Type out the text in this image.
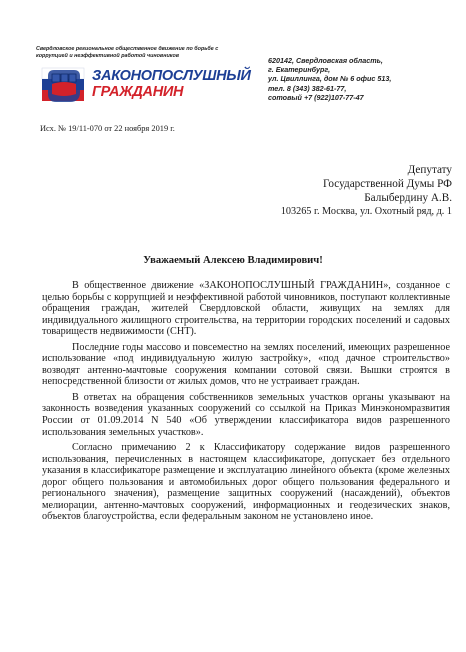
Свердловское региональное общественное движение по борьбе с коррупцией и неэффективной работой чиновников
ЗАКОНОПОСЛУШНЫЙ
ГРАЖДАНИН
620142, Свердловская область,
г. Екатеринбург,
ул. Цвиллинга, дом № 6 офис 513,
тел. 8 (343) 382-61-77,
сотовый +7 (922)107-77-47
Исх. № 19/11-070 от 22 ноября 2019 г.
Депутату
Государственной Думы РФ
Балыбердину А.В.
103265 г. Москва, ул. Охотный ряд, д. 1
Уважаемый Алексею Владимирович!

В общественное движение «ЗАКОНОПОСЛУШНЫЙ ГРАЖДАНИН», созданное с целью борьбы с коррупцией и неэффективной работой чиновников, поступают коллективные обращения граждан, жителей Свердловской области, живущих на землях для индивидуального жилищного строительства, на территории городских поселений и садовых товариществ недвижимости (СНТ).

Последние годы массово и повсеместно на землях поселений, имеющих разрешенное использование «под индивидуальную жилую застройку», «под дачное строительство» возводят антенно-мачтовые сооружения компании сотовой связи. Вышки строятся в непосредственной близости от жилых домов, что не устраивает граждан.

В ответах на обращения собственников земельных участков органы указывают на законность возведения указанных сооружений со ссылкой на Приказ Минэкономразвития России от 01.09.2014 N 540 «Об утверждении классификатора видов разрешенного использования земельных участков».

Согласно примечанию 2 к Классификатору содержание видов разрешенного использования, перечисленных в настоящем классификаторе, допускает без отдельного указания в классификаторе размещение и эксплуатацию линейного объекта (кроме железных дорог общего пользования и автомобильных дорог общего пользования федерального и регионального значения), размещение защитных сооружений (насаждений), объектов мелиорации, антенно-мачтовых сооружений, информационных и геодезических знаков, объектов благоустройства, если федеральным законом не установлено иное.
